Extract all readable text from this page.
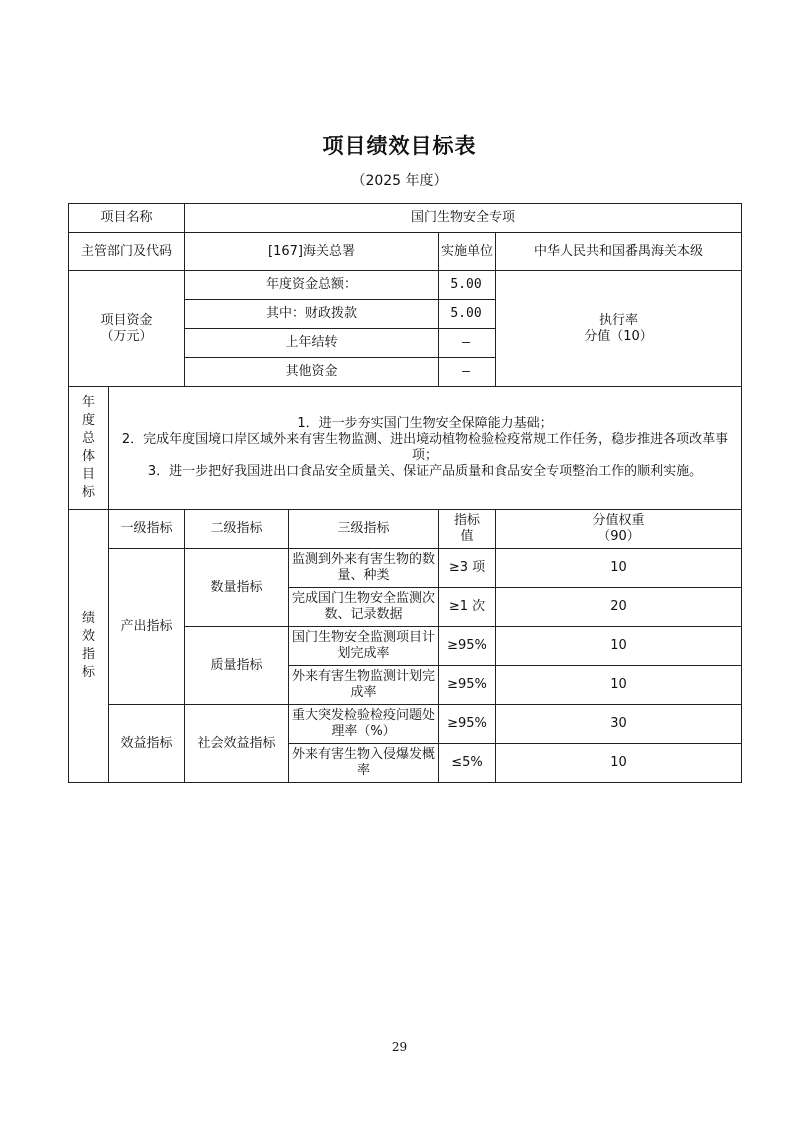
项目绩效目标表
（2025 年度）
项目名称		国门生物安全专项			
主管部门及代码		[167]海关总署		实施单位	中华人民共和国番禺海关本级

项目资金
（万元）		年度资金总额：		5.00	执行率
分值（10）

		其中：财政拨款		5.00	
		上年结转		–	
		其他资金		–	

年度总体目标	1．进一步夯实国门生物安全保障能力基础；
2．完成年度国境口岸区域外来有害生物监测、进出境动植物检验检疫常规工作任务，稳步推进各项改革事项；
3．进一步把好我国进出口食品安全质量关、保证产品质量和食品安全专项整治工作的顺利实施。				

绩效指标	一级指标	二级指标	三级指标	指标值	分值权重
（90）

	产出指标	数量指标	监测到外来有害生物的数量、种类	≥3 项	10
			完成国门生物安全监测次数、记录数据	≥1 次	20
		质量指标	国门生物安全监测项目计划完成率	≥95%	10
			外来有害生物监测计划完成率	≥95%	10
	效益指标	社会效益指标	重大突发检验检疫问题处理率（%）	≥95%	30
			外来有害生物入侵爆发概率	≤5%	10
29
